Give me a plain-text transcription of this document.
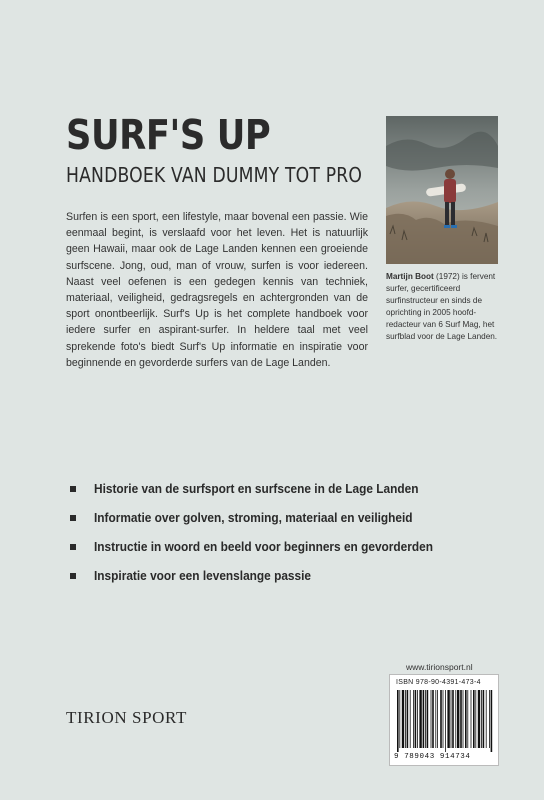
SURF'S UP
HANDBOEK VAN DUMMY TOT PRO

Surfen is een sport, een lifestyle, maar bovenal een passie. Wie eenmaal begint, is verslaafd voor het leven. Het is natuurlijk geen Hawaii, maar ook de Lage Landen kennen een groeiende surfscene. Jong, oud, man of vrouw, surfen is voor iedereen. Naast veel oefenen is een gedegen kennis van techniek, materiaal, veiligheid, gedragsregels en achtergronden van de sport onontbeerlijk. Surf's Up is het complete handboek voor iedere surfer en aspirant-surfer. In heldere taal met veel sprekende foto's biedt Surf's Up informatie en inspiratie voor beginnende en gevorderde surfers van de Lage Landen.

Martijn Boot (1972) is fervent surfer, gecertificeerd surfinstructeur en sinds de oprichting in 2005 hoofd-redacteur van 6 Surf Mag, het surfblad voor de Lage Landen.

Historie van de surfsport en surfscene in de Lage Landen
Informatie over golven, stroming, materiaal en veiligheid
Instructie in woord en beeld voor beginners en gevorderden
Inspiratie voor een levenslange passie
www.tirionsport.nl
ISBN 978-90-4391-473-4
9 789043 914734
TIRION SPORT
